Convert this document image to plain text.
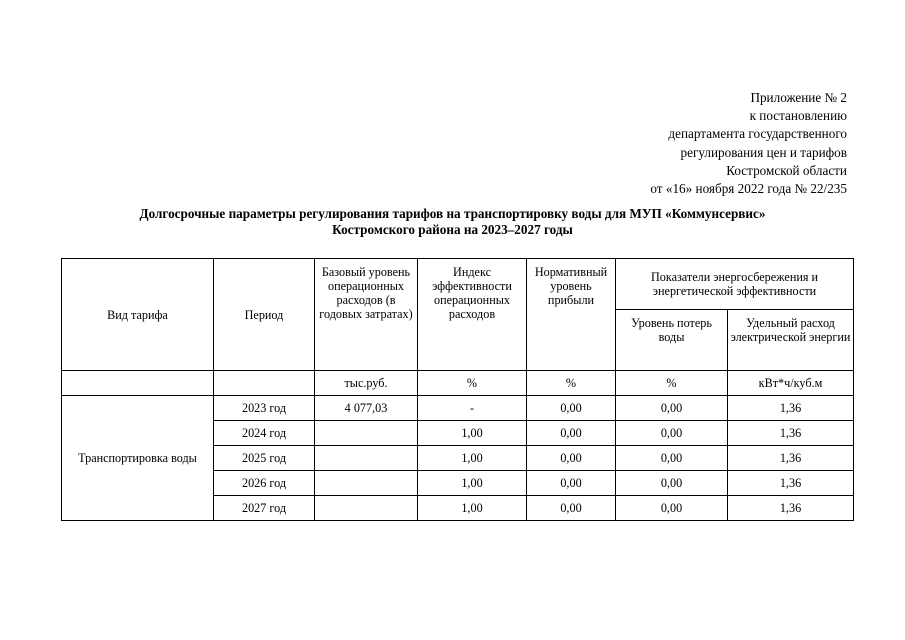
Приложение № 2
к постановлению
департамента государственного
регулирования цен и тарифов
Костромской области
от «16» ноября 2022 года № 22/235
Долгосрочные параметры регулирования тарифов на транспортировку воды для МУП «Коммунсервис»
Костромского района на 2023–2027 годы
Вид тарифа	Период	Базовый уровень операционных расходов (в годовых затратах)	Индекс эффективности операционных расходов	Нормативный уровень прибыли	Показатели энергосбережения и энергетической эффективности	
					Уровень потерь воды	Удельный расход электрической энергии
		тыс.руб.	%	%	%	кВт*ч/куб.м
Транспортировка воды	2023 год	4 077,03	-	0,00	0,00	1,36
	2024 год		1,00	0,00	0,00	1,36
	2025 год		1,00	0,00	0,00	1,36
	2026 год		1,00	0,00	0,00	1,36
	2027 год		1,00	0,00	0,00	1,36
